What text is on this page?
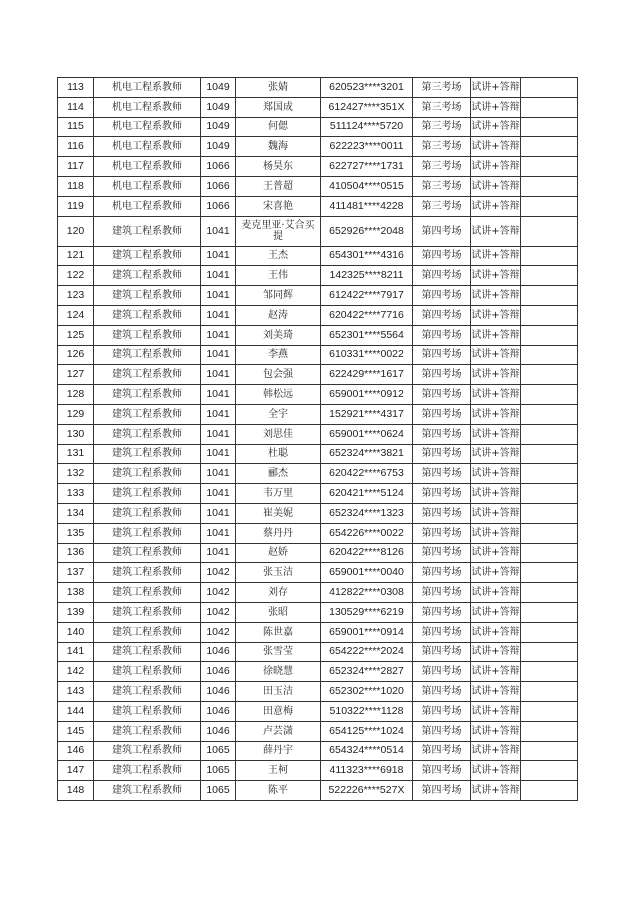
113	机电工程系教师	1049	张婧	620523****3201	第三考场	试讲+答辩	
114	机电工程系教师	1049	郑国成	612427****351X	第三考场	试讲+答辩	
115	机电工程系教师	1049	何偲	511124****5720	第三考场	试讲+答辩	
116	机电工程系教师	1049	魏海	622223****0011	第三考场	试讲+答辩	
117	机电工程系教师	1066	杨昊东	622727****1731	第三考场	试讲+答辩	
118	机电工程系教师	1066	王普超	410504****0515	第三考场	试讲+答辩	
119	机电工程系教师	1066	宋喜艳	411481****4228	第三考场	试讲+答辩	
120	建筑工程系教师	1041	麦克里亚·艾合买提	652926****2048	第四考场	试讲+答辩	
121	建筑工程系教师	1041	王杰	654301****4316	第四考场	试讲+答辩	
122	建筑工程系教师	1041	王伟	142325****8211	第四考场	试讲+答辩	
123	建筑工程系教师	1041	邹同辉	612422****7917	第四考场	试讲+答辩	
124	建筑工程系教师	1041	赵涛	620422****7716	第四考场	试讲+答辩	
125	建筑工程系教师	1041	刘美琦	652301****5564	第四考场	试讲+答辩	
126	建筑工程系教师	1041	李燕	610331****0022	第四考场	试讲+答辩	
127	建筑工程系教师	1041	包会强	622429****1617	第四考场	试讲+答辩	
128	建筑工程系教师	1041	韩松远	659001****0912	第四考场	试讲+答辩	
129	建筑工程系教师	1041	全宇	152921****4317	第四考场	试讲+答辩	
130	建筑工程系教师	1041	刘思佳	659001****0624	第四考场	试讲+答辩	
131	建筑工程系教师	1041	杜聪	652324****3821	第四考场	试讲+答辩	
132	建筑工程系教师	1041	郦杰	620422****6753	第四考场	试讲+答辩	
133	建筑工程系教师	1041	韦万里	620421****5124	第四考场	试讲+答辩	
134	建筑工程系教师	1041	崔美妮	652324****1323	第四考场	试讲+答辩	
135	建筑工程系教师	1041	蔡丹丹	654226****0022	第四考场	试讲+答辩	
136	建筑工程系教师	1041	赵娇	620422****8126	第四考场	试讲+答辩	
137	建筑工程系教师	1042	张玉洁	659001****0040	第四考场	试讲+答辩	
138	建筑工程系教师	1042	刘存	412822****0308	第四考场	试讲+答辩	
139	建筑工程系教师	1042	张昭	130529****6219	第四考场	试讲+答辩	
140	建筑工程系教师	1042	陈世嘉	659001****0914	第四考场	试讲+答辩	
141	建筑工程系教师	1046	张雪莹	654222****2024	第四考场	试讲+答辩	
142	建筑工程系教师	1046	徐晓慧	652324****2827	第四考场	试讲+答辩	
143	建筑工程系教师	1046	田玉洁	652302****1020	第四考场	试讲+答辩	
144	建筑工程系教师	1046	田意梅	510322****1128	第四考场	试讲+答辩	
145	建筑工程系教师	1046	卢芸潇	654125****1024	第四考场	试讲+答辩	
146	建筑工程系教师	1065	薛丹宇	654324****0514	第四考场	试讲+答辩	
147	建筑工程系教师	1065	王柯	411323****6918	第四考场	试讲+答辩	
148	建筑工程系教师	1065	陈平	522226****527X	第四考场	试讲+答辩	
